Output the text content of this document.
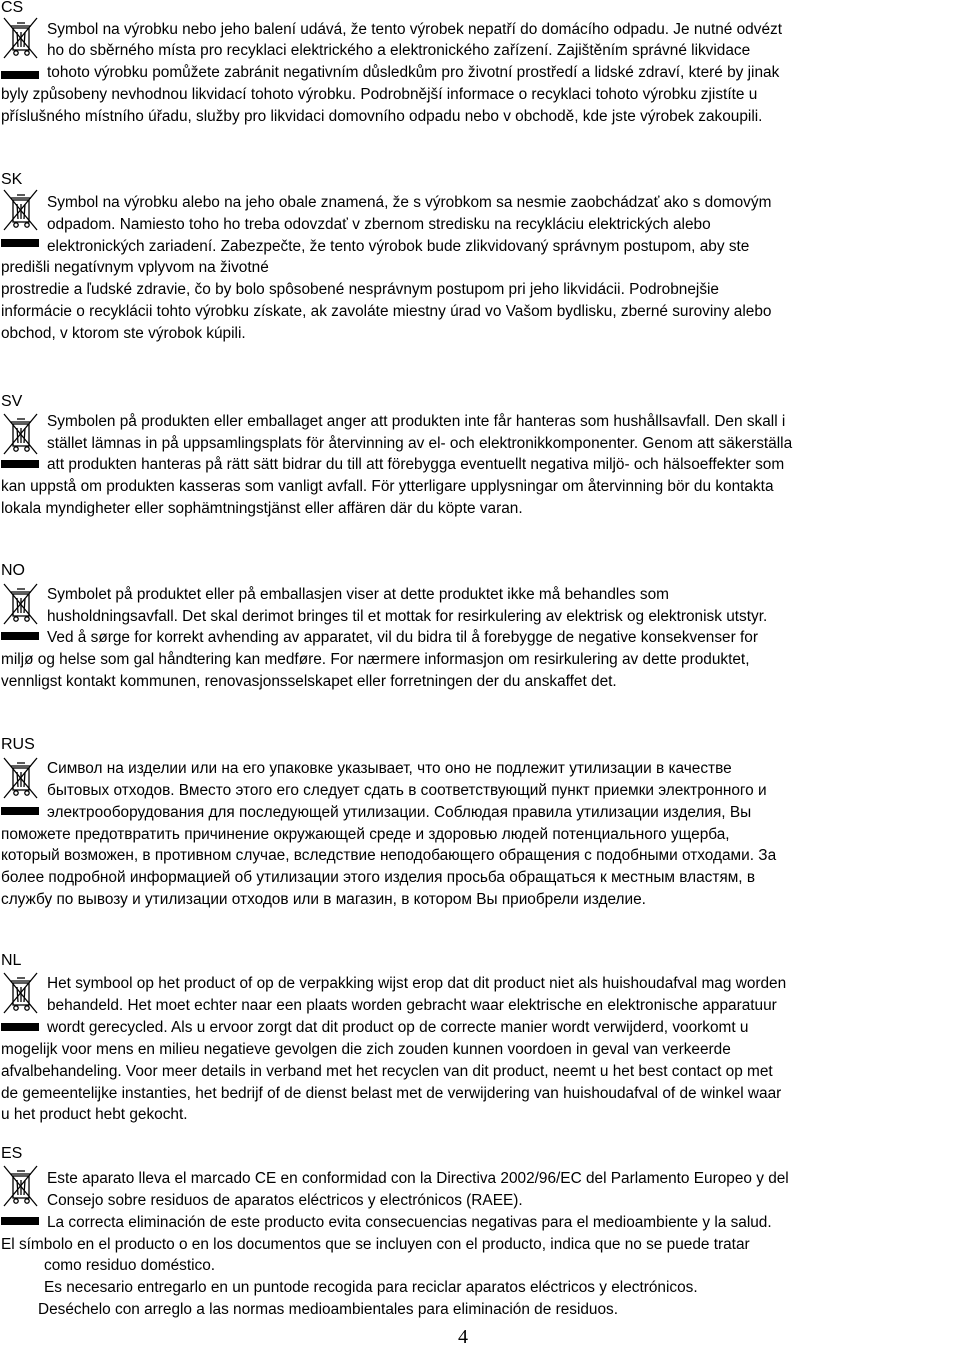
CS
Symbol na výrobku nebo jeho balení udává, že tento výrobek nepatří do domácího odpadu. Je nutné odvézt
ho do sběrného místa pro recyklaci elektrického a elektronického zařízení. Zajištěním správné likvidace
tohoto výrobku pomůžete zabránit negativním důsledkům pro životní prostředí a lidské zdraví, které by jinak
byly způsobeny nevhodnou likvidací tohoto výrobku. Podrobnější informace o recyklaci tohoto výrobku zjistíte u
příslušného místního úřadu, služby pro likvidaci domovního odpadu nebo v obchodě, kde jste výrobek zakoupili.
SK
Symbol na výrobku alebo na jeho obale znamená, že s výrobkom sa nesmie zaobchádzať ako s domovým
odpadom. Namiesto toho ho treba odovzdať v zbernom stredisku na recykláciu elektrických alebo
elektronických zariadení. Zabezpečte, že tento výrobok bude zlikvidovaný správnym postupom, aby ste
predišli negatívnym vplyvom na životné
prostredie a ľudské zdravie, čo by bolo spôsobené nesprávnym postupom pri jeho likvidácii. Podrobnejšie
informácie o recyklácii tohto výrobku získate, ak zavoláte miestny úrad vo Vašom bydlisku, zberné suroviny alebo
obchod, v ktorom ste výrobok kúpili.
SV
Symbolen på produkten eller emballaget anger att produkten inte får hanteras som hushållsavfall. Den skall i
stället lämnas in på uppsamlingsplats för återvinning av el- och elektronikkomponenter. Genom att säkerställa
att produkten hanteras på rätt sätt bidrar du till att förebygga eventuellt negativa miljö- och hälsoeffekter som
kan uppstå om produkten kasseras som vanligt avfall. För ytterligare upplysningar om återvinning bör du kontakta
lokala myndigheter eller sophämtningstjänst eller affären där du köpte varan.
NO
Symbolet på produktet eller på emballasjen viser at dette produktet ikke må behandles som
husholdningsavfall. Det skal derimot bringes til et mottak for resirkulering av elektrisk og elektronisk utstyr.
Ved å sørge for korrekt avhending av apparatet, vil du bidra til å forebygge de negative konsekvenser for
miljø og helse som gal håndtering kan medføre. For nærmere informasjon om resirkulering av dette produktet,
vennligst kontakt kommunen, renovasjonsselskapet eller forretningen der du anskaffet det.
RUS
Символ на изделии или на его упаковке указывает, что оно не подлежит утилизации в качестве
бытовых отходов. Вместо этого его следует сдать в соответствующий пункт приемки электронного и
электрооборудования для последующей утилизации. Соблюдая правила утилизации изделия, Вы
поможете предотвратить причинение окружающей среде и здоровью людей потенциального ущерба,
который возможен, в противном случае, вследствие неподобающего обращения с подобными отходами. За
более подробной информацией об утилизации этого изделия просьба обращаться к местным властям, в
службу по вывозу и утилизации отходов или в магазин, в котором Вы приобрели изделие.
NL
Het symbool op het product of op de verpakking wijst erop dat dit product niet als huishoudafval mag worden
behandeld. Het moet echter naar een plaats worden gebracht waar elektrische en elektronische apparatuur
wordt gerecycled. Als u ervoor zorgt dat dit product op de correcte manier wordt verwijderd, voorkomt u
mogelijk voor mens en milieu negatieve gevolgen die zich zouden kunnen voordoen in geval van verkeerde
afvalbehandeling. Voor meer details in verband met het recyclen van dit product, neemt u het best contact op met
de gemeentelijke instanties, het bedrijf of de dienst belast met de verwijdering van huishoudafval of de winkel waar
u het product hebt gekocht.
ES
Este aparato lleva el marcado CE en conformidad con la Directiva 2002/96/EC del Parlamento Europeo y del
Consejo sobre residuos de aparatos eléctricos y electrónicos (RAEE).
La correcta eliminación de este producto evita consecuencias negativas para el medioambiente y la salud.
El símbolo en el producto o en los documentos que se incluyen con el producto, indica que no se puede tratar
como residuo doméstico.
Es necesario entregarlo en un puntode recogida para reciclar aparatos eléctricos y electrónicos.
Deséchelo con arreglo a las normas medioambientales para eliminación de residuos.
4
